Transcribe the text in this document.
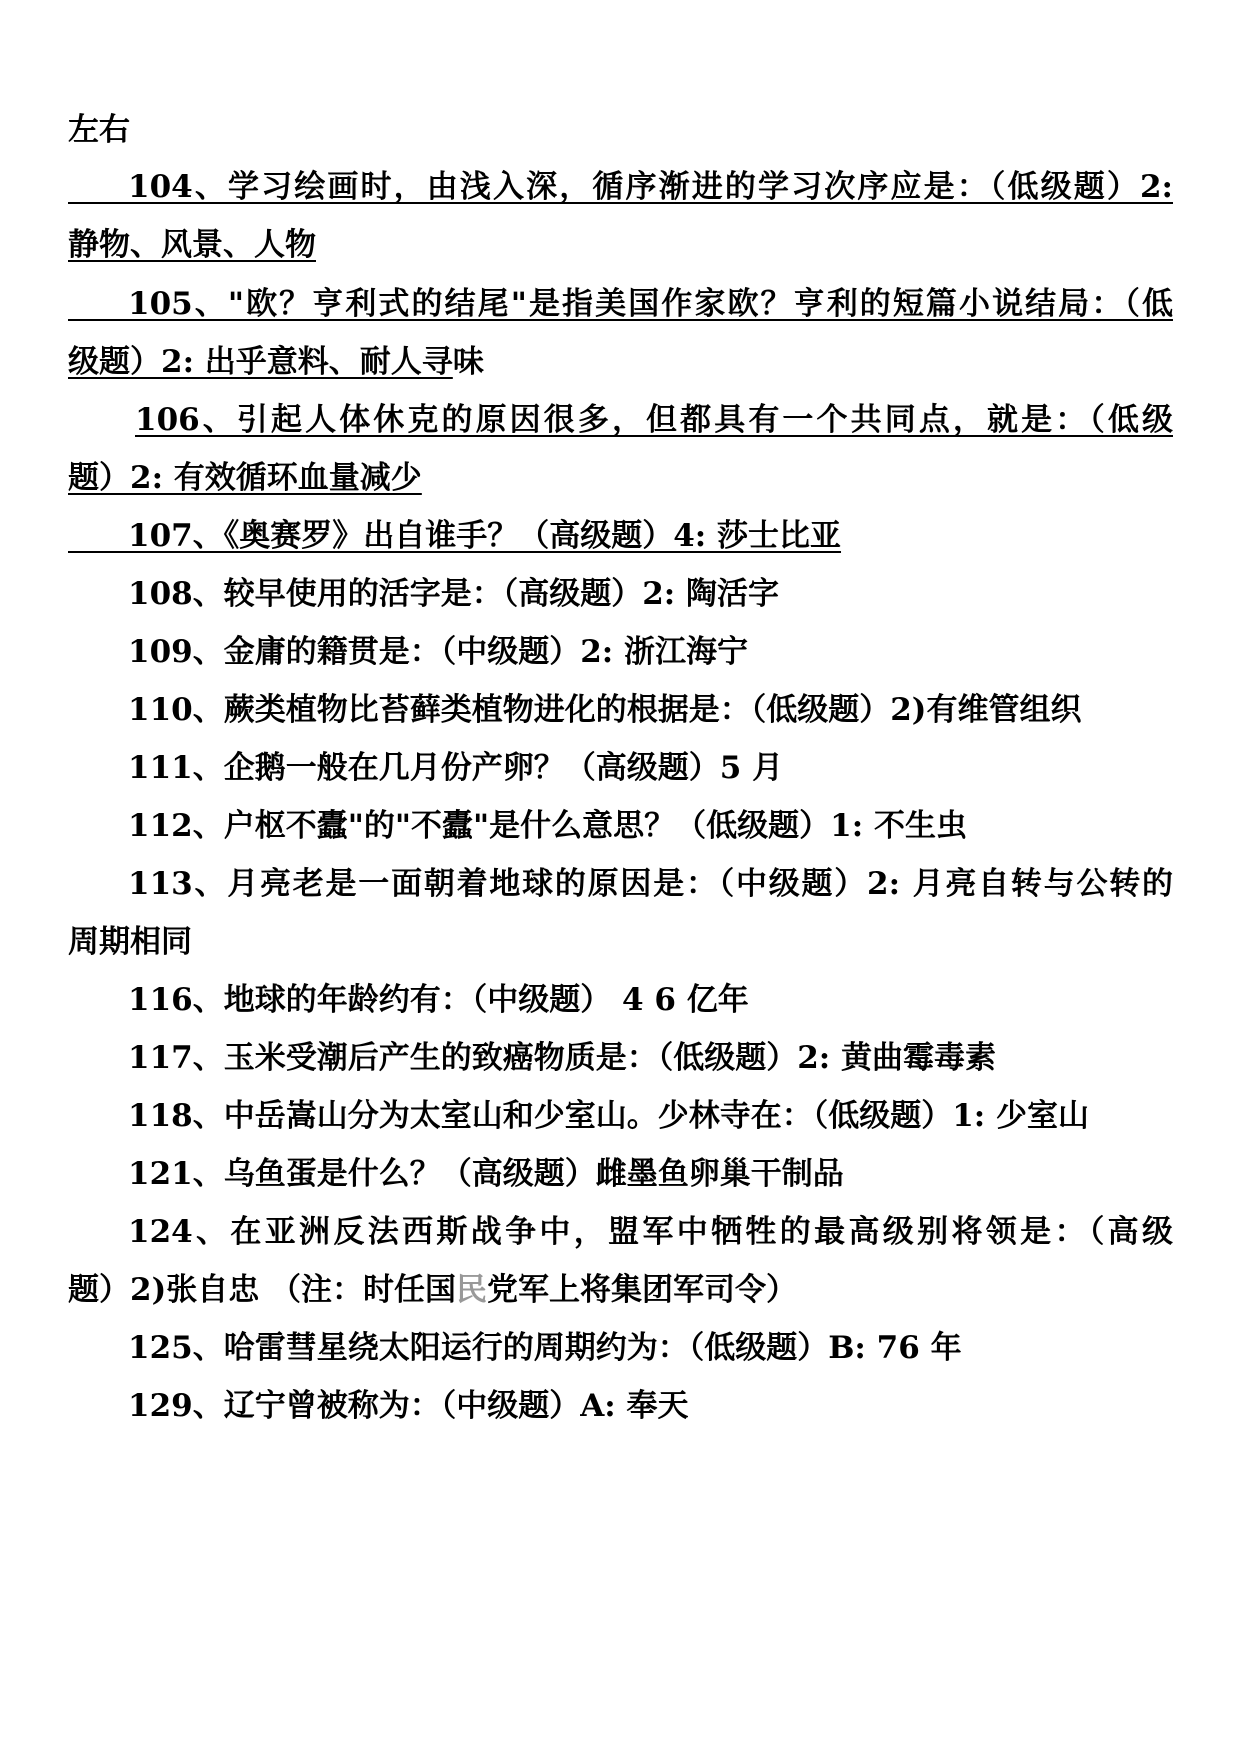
左右
104、学习绘画时，由浅入深，循序渐进的学习次序应是：（低级题）2:
静物、风景、人物
105、"欧？亨利式的结尾"是指美国作家欧？亨利的短篇小说结局：（低
级题）2: 出乎意料、耐人寻味
106、引起人体休克的原因很多，但都具有一个共同点，就是：（低级
题）2: 有效循环血量减少
107、《奥赛罗》出自谁手？（高级题）4: 莎士比亚
108、较早使用的活字是：（高级题）2: 陶活字
109、金庸的籍贯是：（中级题）2: 浙江海宁
110、蕨类植物比苔藓类植物进化的根据是：（低级题）2)有维管组织
111、企鹅一般在几月份产卵？（高级题）5 月
112、户枢不蠹"的"不蠹"是什么意思？（低级题）1: 不生虫
113、月亮老是一面朝着地球的原因是：（中级题）2: 月亮自转与公转的
周期相同
116、地球的年龄约有：（中级题） 4 6 亿年
117、玉米受潮后产生的致癌物质是：（低级题）2: 黄曲霉毒素
118、中岳嵩山分为太室山和少室山。少林寺在：（低级题）1: 少室山
121、乌鱼蛋是什么？（高级题）雌墨鱼卵巢干制品
124、在亚洲反法西斯战争中，盟军中牺牲的最高级别将领是：（高级
题）2)张自忠 （注：时任国民党军上将集团军司令）
125、哈雷彗星绕太阳运行的周期约为：（低级题）B: 76 年
129、辽宁曾被称为：（中级题）A: 奉天
